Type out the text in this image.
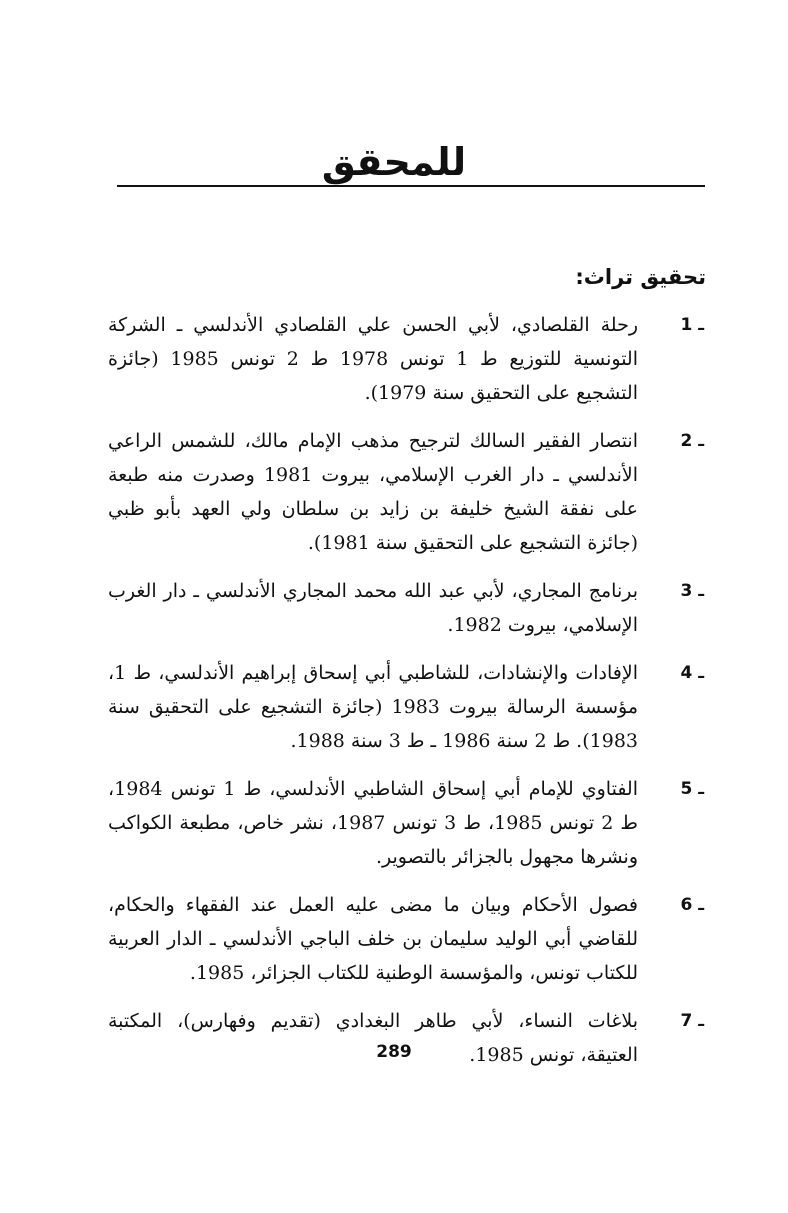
للمحقق
تحقيق تراث:
1 ـ
رحلة القلصادي، لأبي الحسن علي القلصادي الأندلسي ـ الشركة التونسية للتوزيع ط 1 تونس 1978 ط 2 تونس 1985 (جائزة التشجيع على التحقيق سنة 1979).
2 ـ
انتصار الفقير السالك لترجيح مذهب الإمام مالك، للشمس الراعي الأندلسي ـ دار الغرب الإسلامي، بيروت 1981 وصدرت منه طبعة على نفقة الشيخ خليفة بن زايد بن سلطان ولي العهد بأبو ظبي (جائزة التشجيع على التحقيق سنة 1981).
3 ـ
برنامج المجاري، لأبي عبد الله محمد المجاري الأندلسي ـ دار الغرب الإسلامي، بيروت 1982.
4 ـ
الإفادات والإنشادات، للشاطبي أبي إسحاق إبراهيم الأندلسي، ط 1، مؤسسة الرسالة بيروت 1983 (جائزة التشجيع على التحقيق سنة 1983). ط 2 سنة 1986 ـ ط 3 سنة 1988.
5 ـ
الفتاوي للإمام أبي إسحاق الشاطبي الأندلسي، ط 1 تونس 1984، ط 2 تونس 1985، ط 3 تونس 1987، نشر خاص، مطبعة الكواكب ونشرها مجهول بالجزائر بالتصوير.
6 ـ
فصول الأحكام وبيان ما مضى عليه العمل عند الفقهاء والحكام، للقاضي أبي الوليد سليمان بن خلف الباجي الأندلسي ـ الدار العربية للكتاب تونس، والمؤسسة الوطنية للكتاب الجزائر، 1985.
7 ـ
بلاغات النساء، لأبي طاهر البغدادي (تقديم وفهارس)، المكتبة العتيقة، تونس 1985.
289
